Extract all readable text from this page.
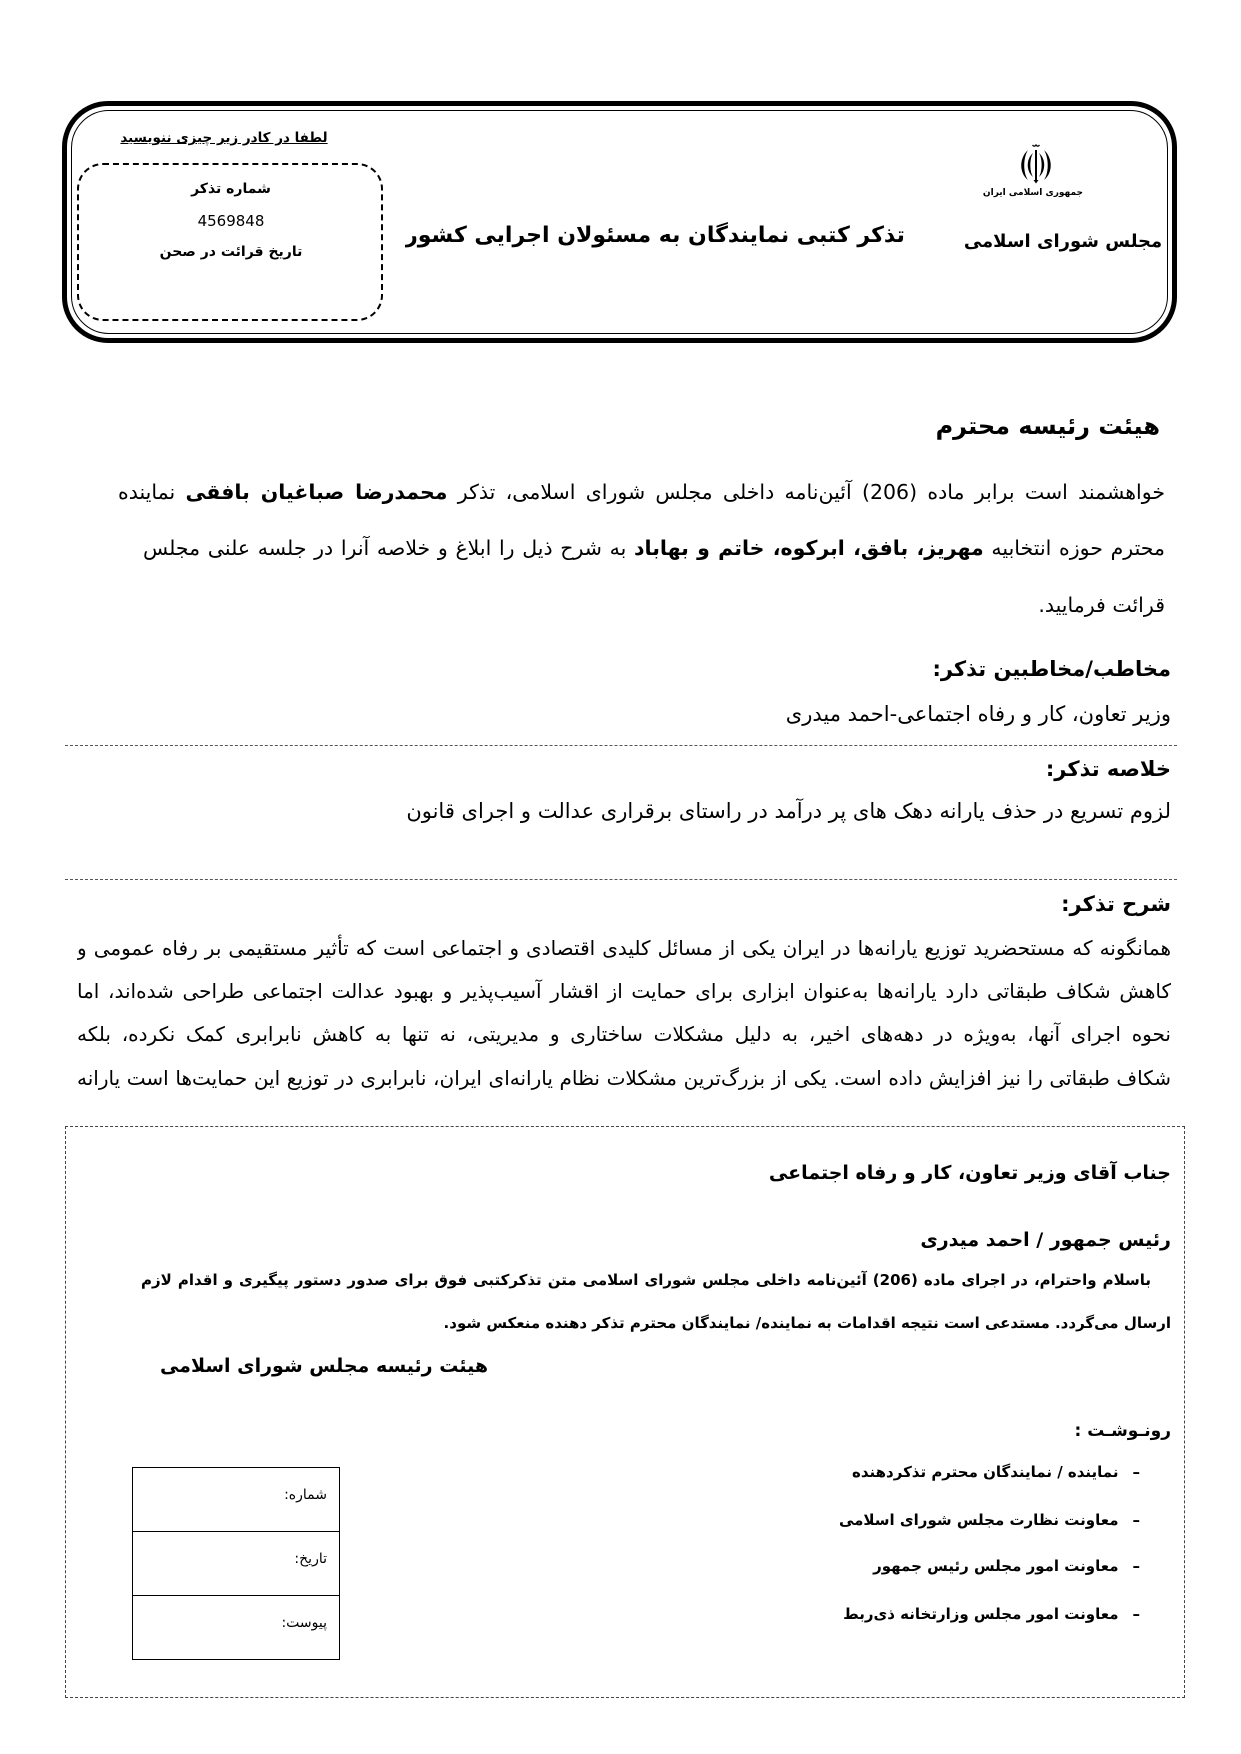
لطفا در کادر زیر چیزی ننویسید
شماره تذکر
4569848
تاریخ قرائت در صحن
تذکر کتبی نمایندگان به مسئولان اجرایی کشور
جمهوری اسلامی ایران
مجلس شورای اسلامی
هیئت رئیسه محترم
خواهشمند است برابر ماده (206) آئین‌نامه داخلی مجلس شورای اسلامی، تذکر محمدرضا صباغیان بافقی نماینده
محترم حوزه انتخابیه مهریز، بافق، ابرکوه، خاتم و بهاباد به شرح ذیل را ابلاغ و خلاصه آنرا در جلسه علنی مجلس
قرائت فرمایید.
مخاطب/مخاطبین تذکر:
وزیر تعاون، کار و رفاه اجتماعی-احمد میدری
خلاصه تذکر:
لزوم تسریع در حذف یارانه دهک های پر درآمد در راستای برقراری عدالت و اجرای قانون
شرح تذکر:
همانگونه که مستحضرید توزیع یارانه‌ها در ایران یکی از مسائل کلیدی اقتصادی و اجتماعی است که تأثیر مستقیمی بر رفاه عمومی و
کاهش شکاف طبقاتی دارد یارانه‌ها به‌عنوان ابزاری برای حمایت از اقشار آسیب‌پذیر و بهبود عدالت اجتماعی طراحی شده‌اند، اما
نحوه اجرای آنها، به‌ویژه در دهه‌های اخیر، به دلیل مشکلات ساختاری و مدیریتی، نه تنها به کاهش نابرابری کمک نکرده، بلکه
شکاف طبقاتی را نیز افزایش داده است. یکی از بزرگ‌ترین مشکلات نظام یارانه‌ای ایران، نابرابری در توزیع این حمایت‌ها است یارانه
جناب آقای وزیر تعاون، کار و رفاه اجتماعی
رئیس جمهور / احمد میدری
باسلام واحترام، در اجرای ماده (206) آئین‌نامه داخلی مجلس شورای اسلامی متن تذکرکتبی فوق برای صدور دستور پیگیری و اقدام لازم
ارسال می‌گردد. مستدعی است نتیجه اقدامات به نماینده/ نمایندگان محترم تذکر دهنده منعکس شود.
هیئت رئیسه مجلس شورای اسلامی
رونـوشـت :
– نماینده / نمایندگان محترم تذکردهنده
– معاونت نظارت مجلس شورای اسلامی
– معاونت امور مجلس رئیس جمهور
– معاونت امور مجلس وزارتخانه ذی‌ربط
شماره:
تاریخ:
پیوست:
